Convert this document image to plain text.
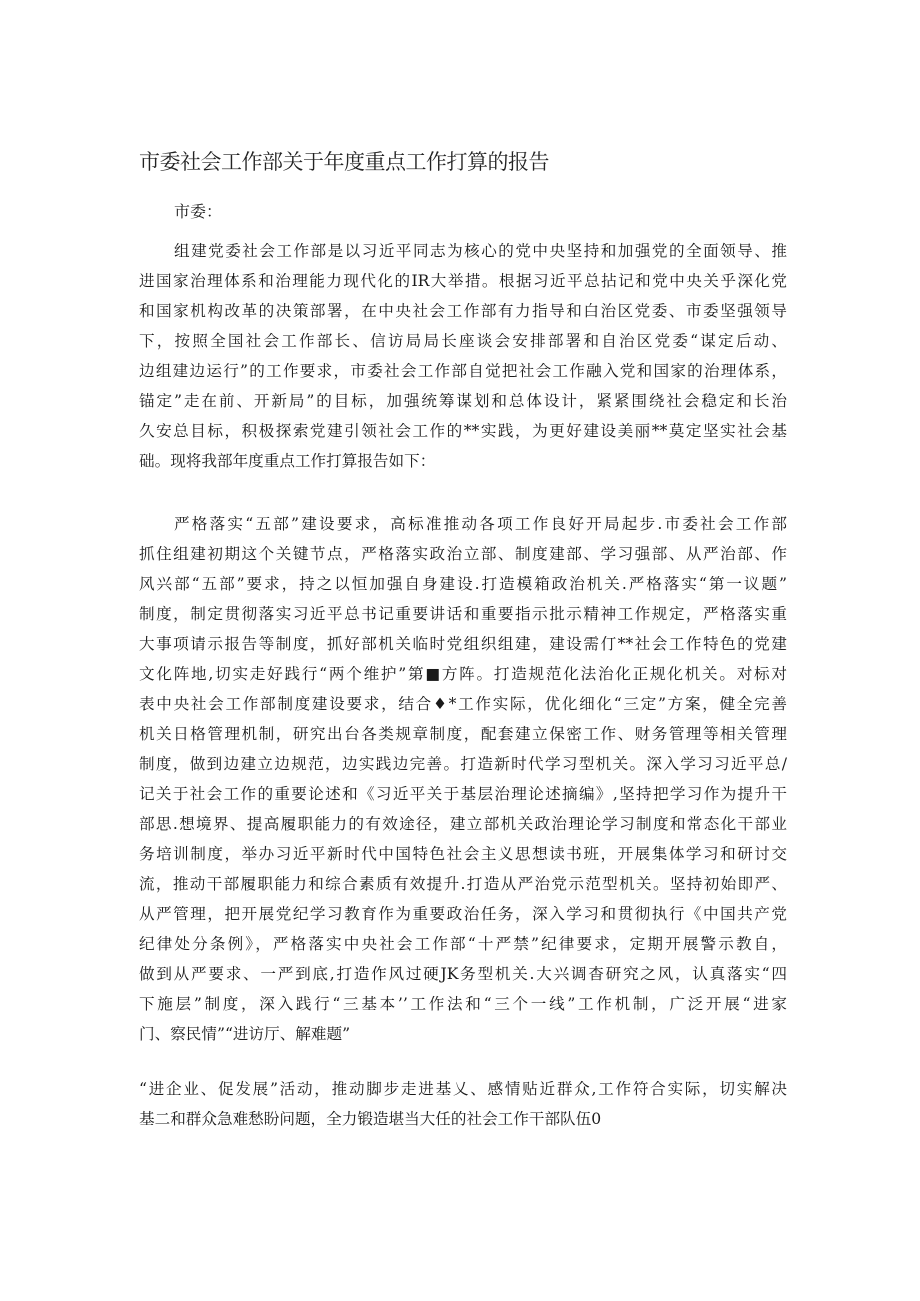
市委社会工作部关于年度重点工作打算的报告
市委：
组建党委社会工作部是以习近平同志为核心的党中央坚持和加强党的全面领导、推
进国家治理体系和治理能力现代化的IR大举措。根据习近平总拈记和党中央关乎深化党
和国家机构改革的决策部署，在中央社会工作部有力指导和白治区党委、市委坚强领导
下，按照全国社会工作部长、信访局局长座谈会安排部署和自治区党委“谋定后动、
边组建边运行”的工作要求，市委社会工作部自觉把社会工作融入党和国家的治理体系，
锚定”走在前、开新局”的目标，加强统筹谋划和总体设计，紧紧围绕社会稳定和长治
久安总目标，积极探索党建引领社会工作的**实践，为更好建设美丽**莫定坚实社会基
础。现将我部年度重点工作打算报告如下：
严格落实“五部”建设要求，高标准推动各项工作良好开局起步.市委社会工作部
抓住组建初期这个关键节点，严格落实政治立部、制度建部、学习强部、从严治部、作
风兴部“五部”要求，持之以恒加强自身建设.打造模箱政治机关.严格落实“第一议题”
制度，制定贯彻落实习近平总书记重要讲话和重要指示批示精神工作规定，严格落实重
大事项请示报告等制度，抓好部机关临时党组织组建，建设需仃**社会工作特色的党建
文化阵地,切实走好践行“两个维护”第■方阵。打造规范化法治化正规化机关。对标对
表中央社会工作部制度建设要求，结合♦*工作实际，优化细化“三定”方案，健全完善
机关日格管理机制，研究出台各类规章制度，配套建立保密工作、财务管理等相关管理
制度，做到边建立边规范，边实践边完善。打造新时代学习型机关。深入学习习近平总/
记关于社会工作的重要论述和《习近平关于基层治理论述摘编》,坚持把学习作为提升干
部思.想境界、提高履职能力的有效途径，建立部机关政治理论学习制度和常态化干部业
务培训制度，举办习近平新时代中国特色社会主义思想读书班，开展集体学习和研讨交
流，推动干部履职能力和综合素质有效提升.打造从严治党示范型机关。坚持初始即严、
从严管理，把开展党纪学习教育作为重要政治任务，深入学习和贯彻执行《中国共产党
纪律处分条例》，严格落实中央社会工作部“十严禁”纪律要求，定期开展警示教自，
做到从严要求、一严到底,打造作风过硬JK务型机关.大兴调杳研究之风，认真落实“四
下施层”制度，深入践行“三基本’’工作法和“三个一线”工作机制，广泛开展“进家
门、察民情”“进访厅、解难题”
“进企业、促发展”活动，推动脚步走进基乂、感情贴近群众,工作符合实际，切实解决
基二和群众急难愁盼问题，全力锻造堪当大任的社会工作干部队伍0
